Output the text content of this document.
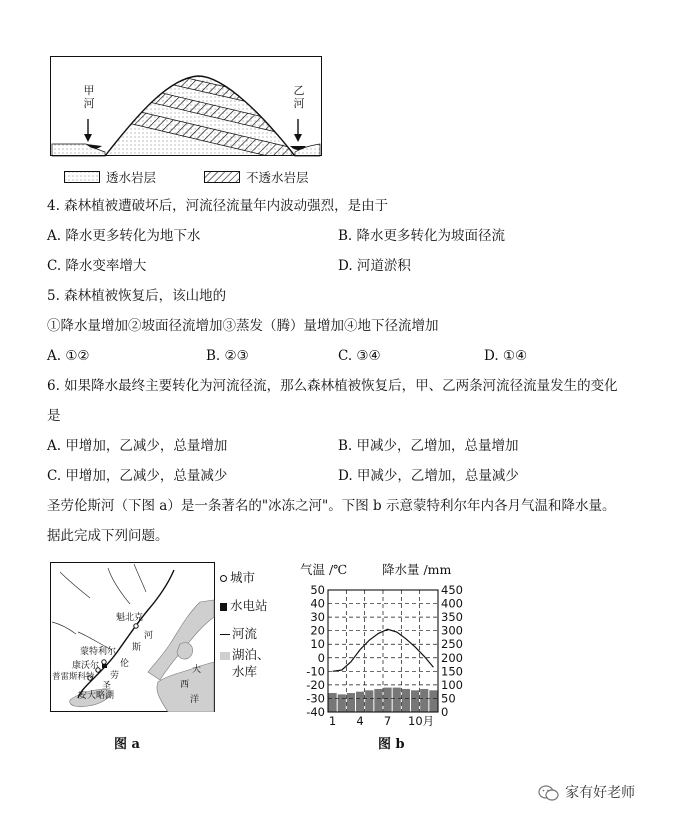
甲
河
乙
河
透水岩层	不透水岩层
4. 森林植被遭破坏后，河流径流量年内波动强烈，是由于
A. 降水更多转化为地下水	B. 降水更多转化为坡面径流
C. 降水变率增大	D. 河道淤积
5. 森林植被恢复后，该山地的
①降水量增加②坡面径流增加③蒸发（腾）量增加④地下径流增加
A. ①②	B. ②③	C. ③④	D. ①④
6. 如果降水最终主要转化为河流径流，那么森林植被恢复后，甲、乙两条河流径流量发生的变化
是
A. 甲增加，乙减少，总量增加	B. 甲减少，乙增加，总量增加
C. 甲增加，乙减少，总量减少	D. 甲减少，乙增加，总量减少
圣劳伦斯河（下图 a）是一条著名的"冰冻之河"。下图 b 示意蒙特利尔年内各月气温和降水量。
据此完成下列问题。
魁北克
河
斯
伦
劳
圣
蒙特利尔
康沃尔
普雷斯科特
安大略湖
大
西
洋
城市
水电站
河流
湖泊、
水库
图 a
气温 /℃	降水量 /mm
50
40
30
20
10
0
-10
-20
-30
-40
450
400
350
300
250
200
150
100
50
0
1 4 7 10月
图 b
家有好老师
